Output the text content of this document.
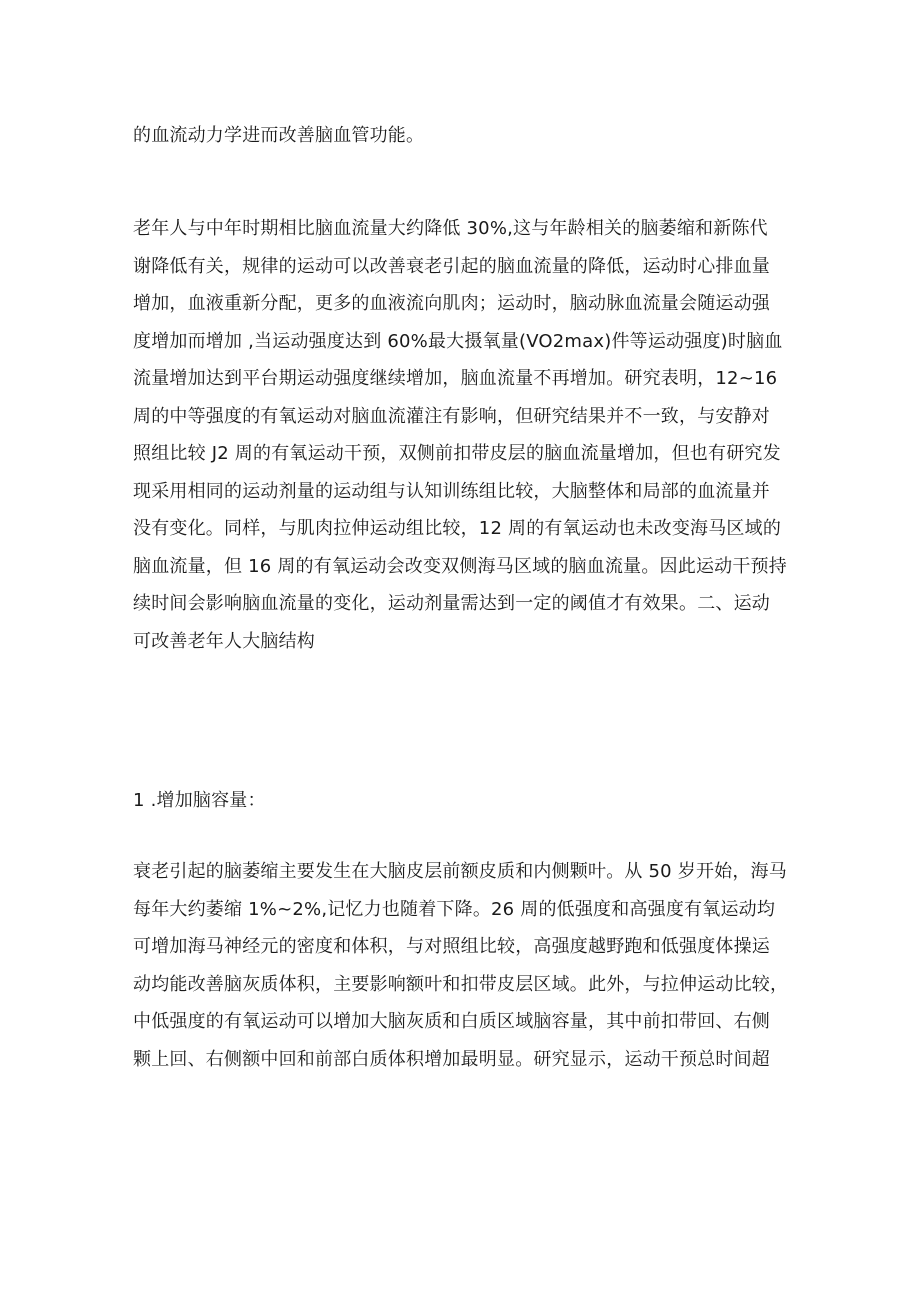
的血流动力学进而改善脑血管功能。

老年人与中年时期相比脑血流量大约降低 30%,这与年龄相关的脑萎缩和新陈代
谢降低有关，规律的运动可以改善衰老引起的脑血流量的降低，运动时心排血量
增加，血液重新分配，更多的血液流向肌肉；运动时，脑动脉血流量会随运动强
度增加而增加 ,当运动强度达到 60%最大摄氧量(VO2max)件等运动强度)时脑血
流量增加达到平台期运动强度继续增加，脑血流量不再增加。研究表明，12~16
周的中等强度的有氧运动对脑血流灌注有影响，但研究结果并不一致，与安静对
照组比较 J2 周的有氧运动干预，双侧前扣带皮层的脑血流量增加，但也有研究发
现采用相同的运动剂量的运动组与认知训练组比较，大脑整体和局部的血流量并
没有变化。同样，与肌肉拉伸运动组比较，12 周的有氧运动也未改变海马区域的
脑血流量，但 16 周的有氧运动会改变双侧海马区域的脑血流量。因此运动干预持
续时间会影响脑血流量的变化，运动剂量需达到一定的阈值才有效果。二、运动
可改善老年人大脑结构

1 .增加脑容量：

衰老引起的脑萎缩主要发生在大脑皮层前额皮质和内侧颗叶。从 50 岁开始，海马
每年大约萎缩 1%~2%,记忆力也随着下降。26 周的低强度和高强度有氧运动均
可增加海马神经元的密度和体积，与对照组比较，高强度越野跑和低强度体操运
动均能改善脑灰质体积，主要影响额叶和扣带皮层区域。此外，与拉伸运动比较，
中低强度的有氧运动可以增加大脑灰质和白质区域脑容量，其中前扣带回、右侧
颗上回、右侧额中回和前部白质体积增加最明显。研究显示，运动干预总时间超
